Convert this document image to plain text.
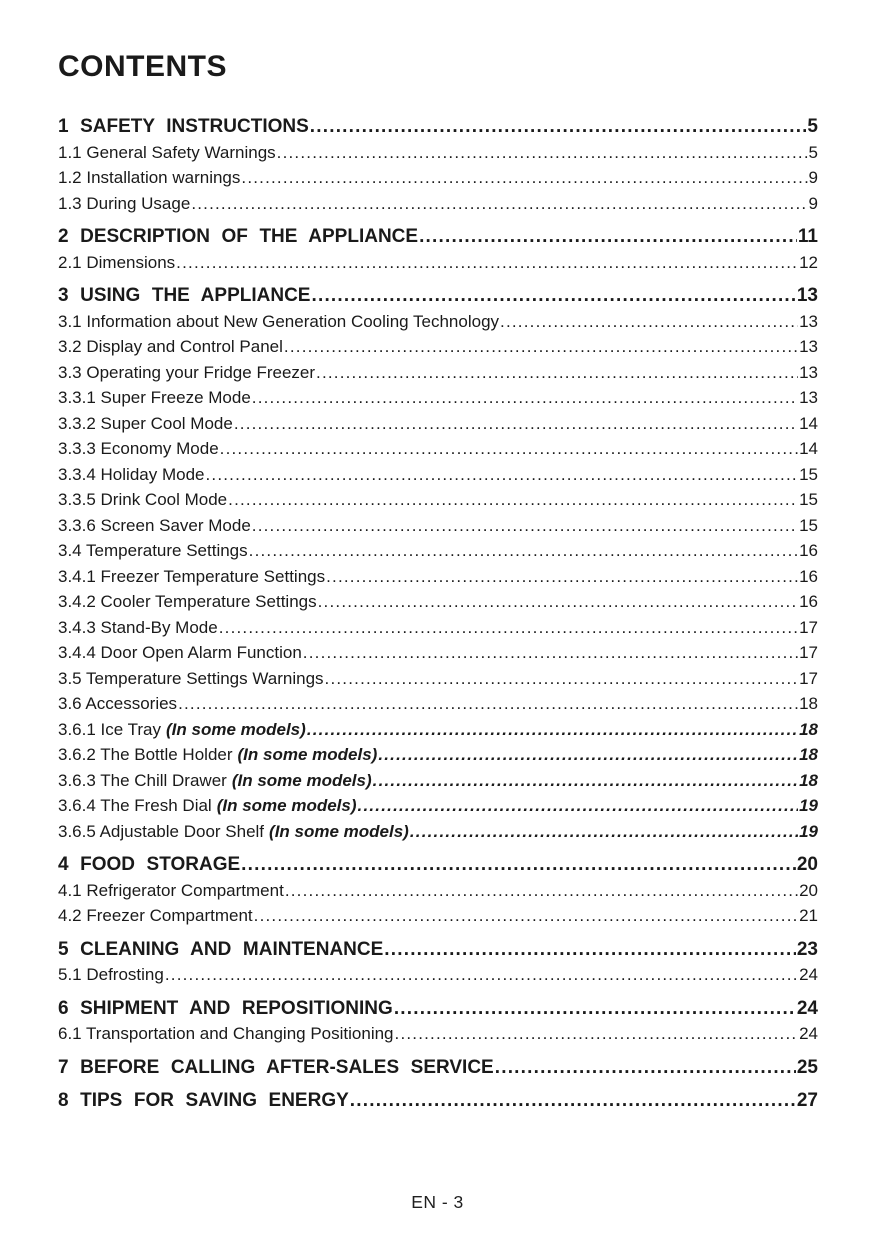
CONTENTS
1 SAFETY INSTRUCTIONS .....	5
1.1 General Safety Warnings .....	5
1.2 Installation warnings .....	9
1.3 During Usage .....	9
2 DESCRIPTION OF THE APPLIANCE .....	11
2.1 Dimensions .....	12
3 USING THE APPLIANCE .....	13
3.1 Information about New Generation Cooling Technology .....	13
3.2 Display and Control Panel .....	13
3.3 Operating your Fridge Freezer .....	13
3.3.1 Super Freeze Mode .....	13
3.3.2 Super Cool Mode .....	14
3.3.3 Economy Mode .....	14
3.3.4 Holiday Mode .....	15
3.3.5 Drink Cool Mode .....	15
3.3.6 Screen Saver Mode .....	15
3.4 Temperature Settings .....	16
3.4.1 Freezer Temperature Settings .....	16
3.4.2 Cooler Temperature Settings .....	16
3.4.3 Stand-By Mode .....	17
3.4.4 Door Open Alarm Function .....	17
3.5 Temperature Settings Warnings .....	17
3.6 Accessories .....	18
3.6.1 Ice Tray (In some models) .....	18
3.6.2 The Bottle Holder (In some models) .....	18
3.6.3 The Chill Drawer (In some models) .....	18
3.6.4 The Fresh Dial (In some models) .....	19
3.6.5 Adjustable Door Shelf (In some models) .....	19
4 FOOD STORAGE .....	20
4.1 Refrigerator Compartment .....	20
4.2 Freezer Compartment .....	21
5 CLEANING AND MAINTENANCE .....	23
5.1 Defrosting .....	24
6 SHIPMENT AND REPOSITIONING .....	24
6.1 Transportation and Changing Positioning .....	24
7 BEFORE CALLING AFTER-SALES SERVICE .....	25
8 TIPS FOR SAVING ENERGY .....	27
EN - 3
